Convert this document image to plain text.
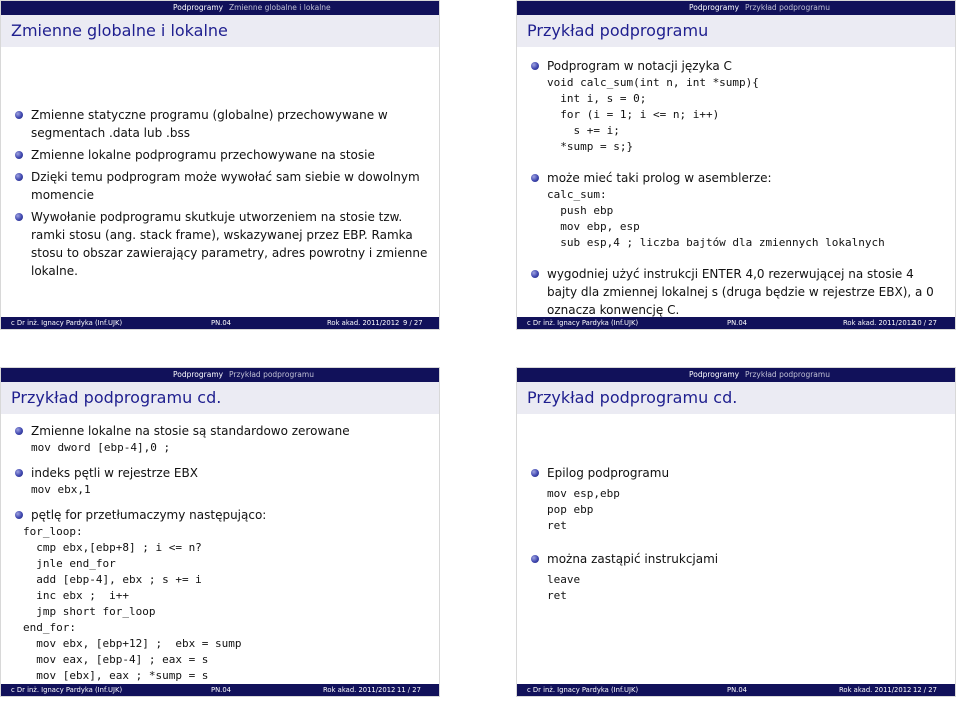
Podprogramy Zmienne globalne i lokalne
Zmienne globalne i lokalne
Zmienne statyczne programu (globalne) przechowywane w segmentach .data lub .bss
Zmienne lokalne podprogramu przechowywane na stosie
Dzięki temu podprogram może wywołać sam siebie w dowolnym momencie
Wywołanie podprogramu skutkuje utworzeniem na stosie tzw. ramki stosu (ang. stack frame), wskazywanej przez EBP. Ramka stosu to obszar zawierający parametry, adres powrotny i zmienne lokalne.
c Dr inż. Ignacy Pardyka (Inf.UJK)	PN.04	Rok akad. 2011/2012 9 / 27
Podprogramy Przykład podprogramu
Przykład podprogramu
Podprogram w notacji języka C
void calc_sum(int n, int *sump){
int i, s = 0;
for (i = 1; i <= n; i++)
s += i;
*sump = s;}
może mieć taki prolog w asemblerze:
calc_sum:
push ebp
mov ebp, esp
sub esp,4 ; liczba bajtów dla zmiennych lokalnych
wygodniej użyć instrukcji ENTER 4,0 rezerwującej na stosie 4 bajty dla zmiennej lokalnej s (druga będzie w rejestrze EBX), a 0 oznacza konwencję C.
c Dr inż. Ignacy Pardyka (Inf.UJK)	PN.04	Rok akad. 2011/2012
10 / 27
Podprogramy Przykład podprogramu
Przykład podprogramu cd.
Zmienne lokalne na stosie są standardowo zerowane
mov dword [ebp-4],0 ;
indeks pętli w rejestrze EBX
mov ebx,1
pętlę for przetłumaczymy następująco:
for_loop:
cmp ebx,[ebp+8] ; i <= n?
jnle end_for
add [ebp-4], ebx ; s += i
inc ebx ;  i++
jmp short for_loop
end_for:
mov ebx, [ebp+12] ;  ebx = sump
mov eax, [ebp-4] ; eax = s
mov [ebx], eax ; *sump = s
c Dr inż. Ignacy Pardyka (Inf.UJK)	PN.04	Rok akad. 2011/2012 11 / 27
Podprogramy Przykład podprogramu
Przykład podprogramu cd.
Epilog podprogramu
mov esp,ebp
pop ebp
ret
można zastąpić instrukcjami
leave
ret
c Dr inż. Ignacy Pardyka (Inf.UJK)	PN.04	Rok akad. 2011/2012 12 / 27
